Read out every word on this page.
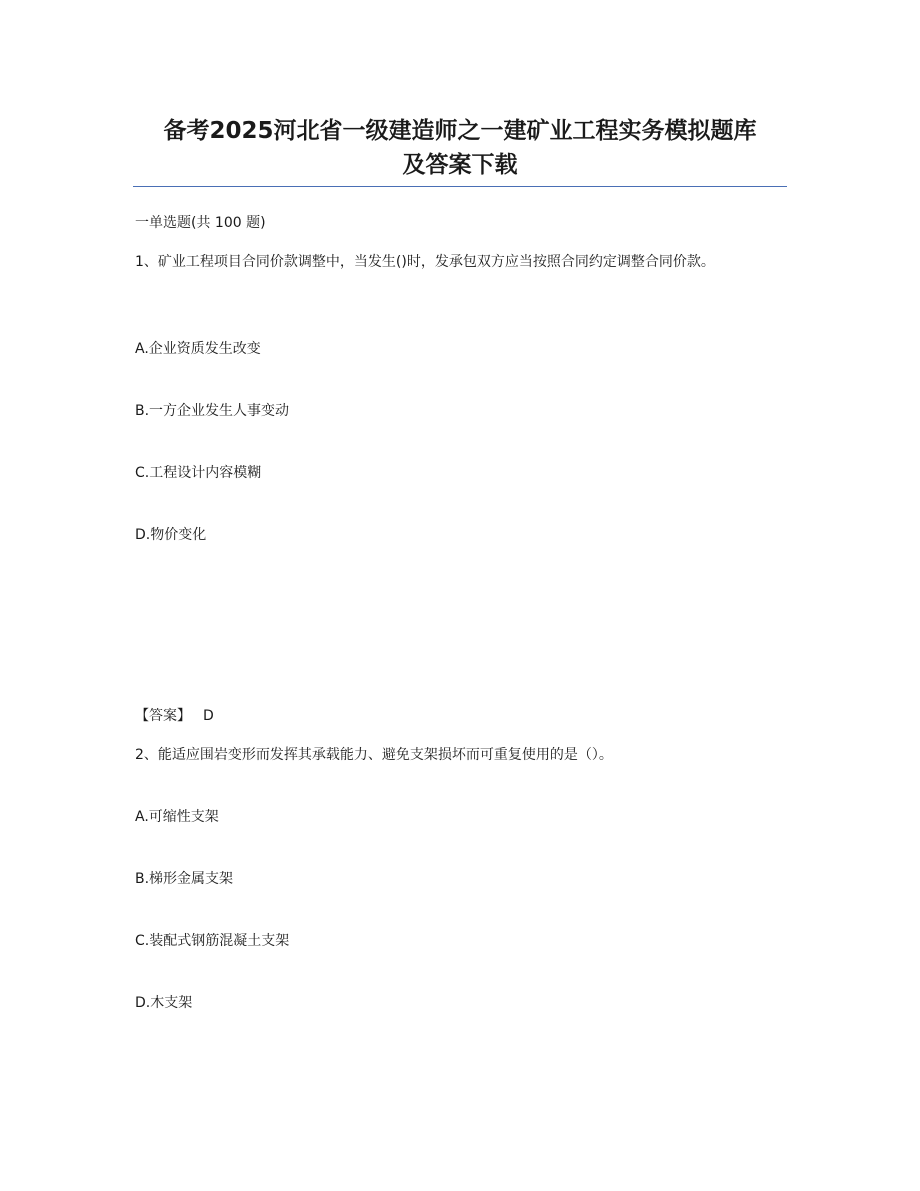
备考2025河北省一级建造师之一建矿业工程实务模拟题库
及答案下载

一单选题(共 100 题)

1、矿业工程项目合同价款调整中，当发生()时，发承包双方应当按照合同约定调整合同价款。

A.企业资质发生改变

B.一方企业发生人事变动

C.工程设计内容模糊

D.物价变化

【答案】 D

2、能适应围岩变形而发挥其承载能力、避免支架损坏而可重复使用的是（）。

A.可缩性支架

B.梯形金属支架

C.装配式钢筋混凝土支架

D.木支架
